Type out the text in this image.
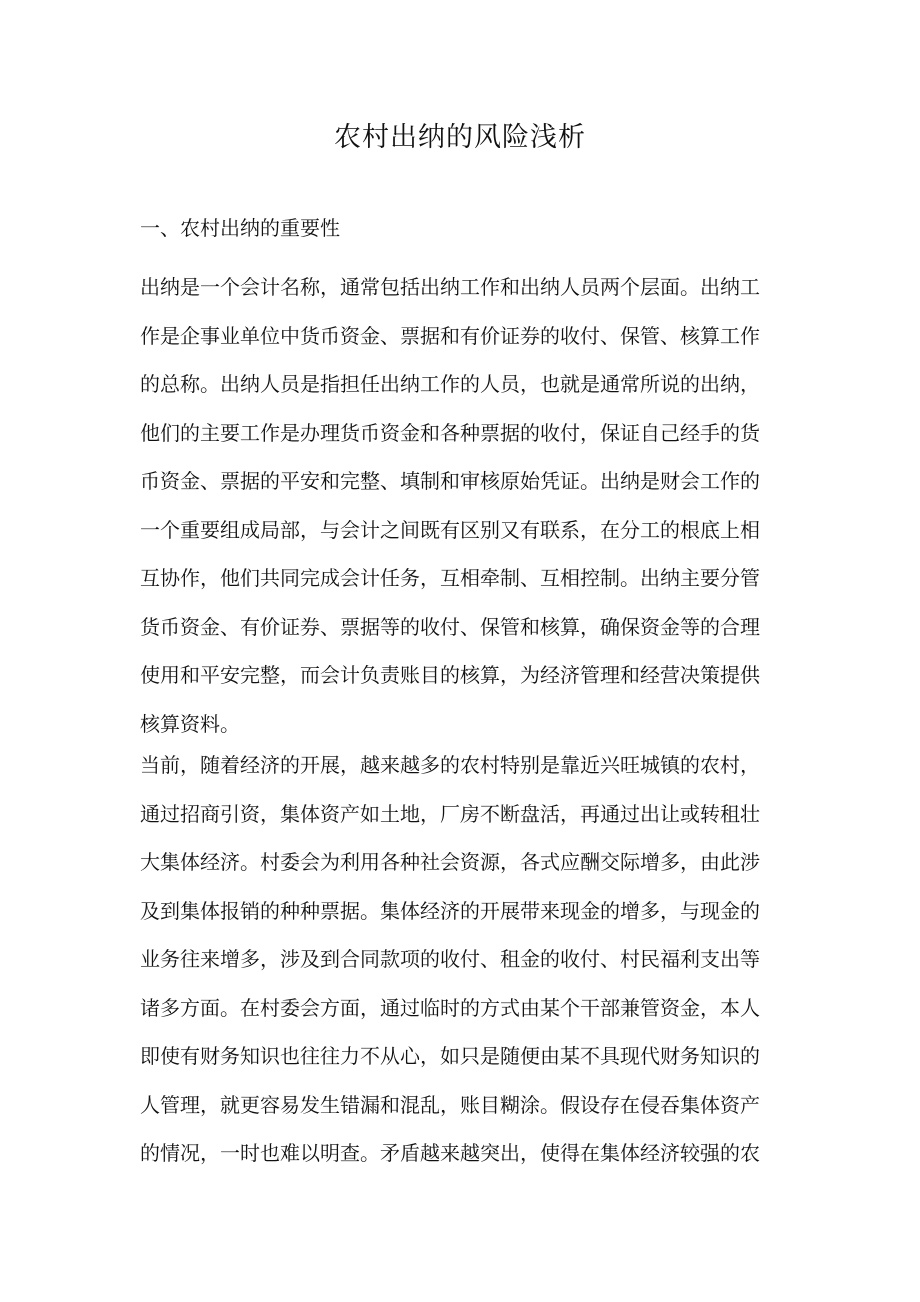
农村出纳的风险浅析
一、农村出纳的重要性
出纳是一个会计名称，通常包括出纳工作和出纳人员两个层面。出纳工
作是企事业单位中货币资金、票据和有价证券的收付、保管、核算工作
的总称。出纳人员是指担任出纳工作的人员，也就是通常所说的出纳，
他们的主要工作是办理货币资金和各种票据的收付，保证自己经手的货
币资金、票据的平安和完整、填制和审核原始凭证。出纳是财会工作的
一个重要组成局部，与会计之间既有区别又有联系，在分工的根底上相
互协作，他们共同完成会计任务，互相牵制、互相控制。出纳主要分管
货币资金、有价证券、票据等的收付、保管和核算，确保资金等的合理
使用和平安完整，而会计负责账目的核算，为经济管理和经营决策提供
核算资料。
当前，随着经济的开展，越来越多的农村特别是靠近兴旺城镇的农村，
通过招商引资，集体资产如土地，厂房不断盘活，再通过出让或转租壮
大集体经济。村委会为利用各种社会资源，各式应酬交际增多，由此涉
及到集体报销的种种票据。集体经济的开展带来现金的增多，与现金的
业务往来增多，涉及到合同款项的收付、租金的收付、村民福利支出等
诸多方面。在村委会方面，通过临时的方式由某个干部兼管资金，本人
即使有财务知识也往往力不从心，如只是随便由某不具现代财务知识的
人管理，就更容易发生错漏和混乱，账目糊涂。假设存在侵吞集体资产
的情况，一时也难以明查。矛盾越来越突出，使得在集体经济较强的农
